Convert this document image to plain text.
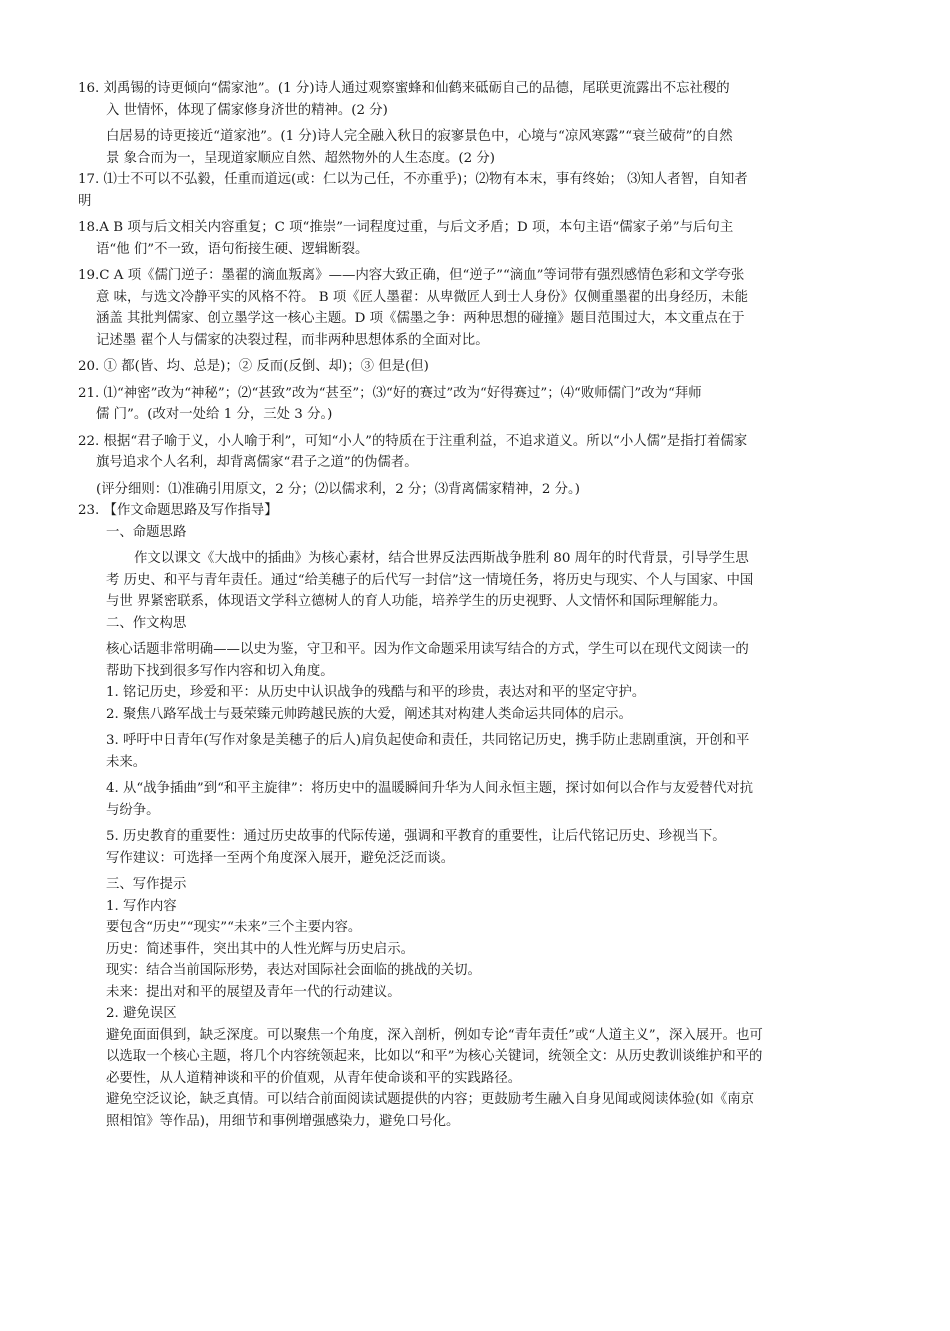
16. 刘禹锡的诗更倾向“儒家池”。(1 分)诗人通过观察蜜蜂和仙鹤来砥砺自己的品德，尾联更流露出不忘社稷的

入 世情怀，体现了儒家修身济世的精神。(2 分)

白居易的诗更接近“道家池”。(1 分)诗人完全融入秋日的寂寥景色中，心境与“凉风寒露”“衰兰破荷”的自然

景 象合而为一，呈现道家顺应自然、超然物外的人生态度。(2 分)

17. ⑴士不可以不弘毅，任重而道远(或：仁以为己任，不亦重乎)；⑵物有本末，事有终始； ⑶知人者智，自知者

明

18.A B 项与后文相关内容重复；C 项“推崇”一词程度过重，与后文矛盾；D 项，本句主语“儒家子弟”与后句主

语“他 们”不一致，语句衔接生硬、逻辑断裂。

19.C A 项《儒门逆子：墨翟的滴血叛离》——内容大致正确，但“逆子”“滴血”等词带有强烈感情色彩和文学夸张

意 味，与选文冷静平实的风格不符。 B 项《匠人墨翟：从卑微匠人到士人身份》仅侧重墨翟的出身经历，未能

涵盖 其批判儒家、创立墨学这一核心主题。D 项《儒墨之争：两种思想的碰撞》题目范围过大，本文重点在于

记述墨 翟个人与儒家的决裂过程，而非两种思想体系的全面对比。

20. ① 都(皆、均、总是)；② 反而(反倒、却)；③ 但是(但)

21. ⑴“神密”改为“神秘”；⑵“甚致”改为“甚至”；⑶“好的赛过”改为“好得赛过”；⑷“败师儒门”改为“拜师

儒 门”。(改对一处给 1 分，三处 3 分。)

22. 根据“君子喻于义，小人喻于利”，可知“小人”的特质在于注重利益，不追求道义。所以“小人儒”是指打着儒家

旗号追求个人名利，却背离儒家“君子之道”的伪儒者。

(评分细则：⑴准确引用原文，2 分；⑵以儒求利，2 分；⑶背离儒家精神，2 分。)

23. 【作文命题思路及写作指导】

一、命题思路

作文以课文《大战中的插曲》为核心素材，结合世界反法西斯战争胜利 80 周年的时代背景，引导学生思

考 历史、和平与青年责任。通过“给美穗子的后代写一封信”这一情境任务，将历史与现实、个人与国家、中国

与世 界紧密联系，体现语文学科立德树人的育人功能，培养学生的历史视野、人文情怀和国际理解能力。

二、作文构思

核心话题非常明确——以史为鉴，守卫和平。因为作文命题采用读写结合的方式，学生可以在现代文阅读一的

帮助下找到很多写作内容和切入角度。

1. 铭记历史，珍爱和平：从历史中认识战争的残酷与和平的珍贵，表达对和平的坚定守护。

2. 聚焦八路军战士与聂荣臻元帅跨越民族的大爱，阐述其对构建人类命运共同体的启示。

3. 呼吁中日青年(写作对象是美穗子的后人)肩负起使命和责任，共同铭记历史，携手防止悲剧重演，开创和平

未来。

4. 从“战争插曲”到“和平主旋律”：将历史中的温暖瞬间升华为人间永恒主题，探讨如何以合作与友爱替代对抗

与纷争。

5. 历史教育的重要性：通过历史故事的代际传递，强调和平教育的重要性，让后代铭记历史、珍视当下。

写作建议：可选择一至两个角度深入展开，避免泛泛而谈。

三、写作提示

1. 写作内容

要包含“历史”“现实”“未来”三个主要内容。

历史：简述事件，突出其中的人性光辉与历史启示。

现实：结合当前国际形势，表达对国际社会面临的挑战的关切。

未来：提出对和平的展望及青年一代的行动建议。

2. 避免误区

避免面面俱到，缺乏深度。可以聚焦一个角度，深入剖析，例如专论“青年责任”或“人道主义”，深入展开。也可

以选取一个核心主题，将几个内容统领起来，比如以“和平”为核心关键词，统领全文：从历史教训谈维护和平的

必要性，从人道精神谈和平的价值观，从青年使命谈和平的实践路径。

避免空泛议论，缺乏真情。可以结合前面阅读试题提供的内容；更鼓励考生融入自身见闻或阅读体验(如《南京

照相馆》等作品)，用细节和事例增强感染力，避免口号化。
